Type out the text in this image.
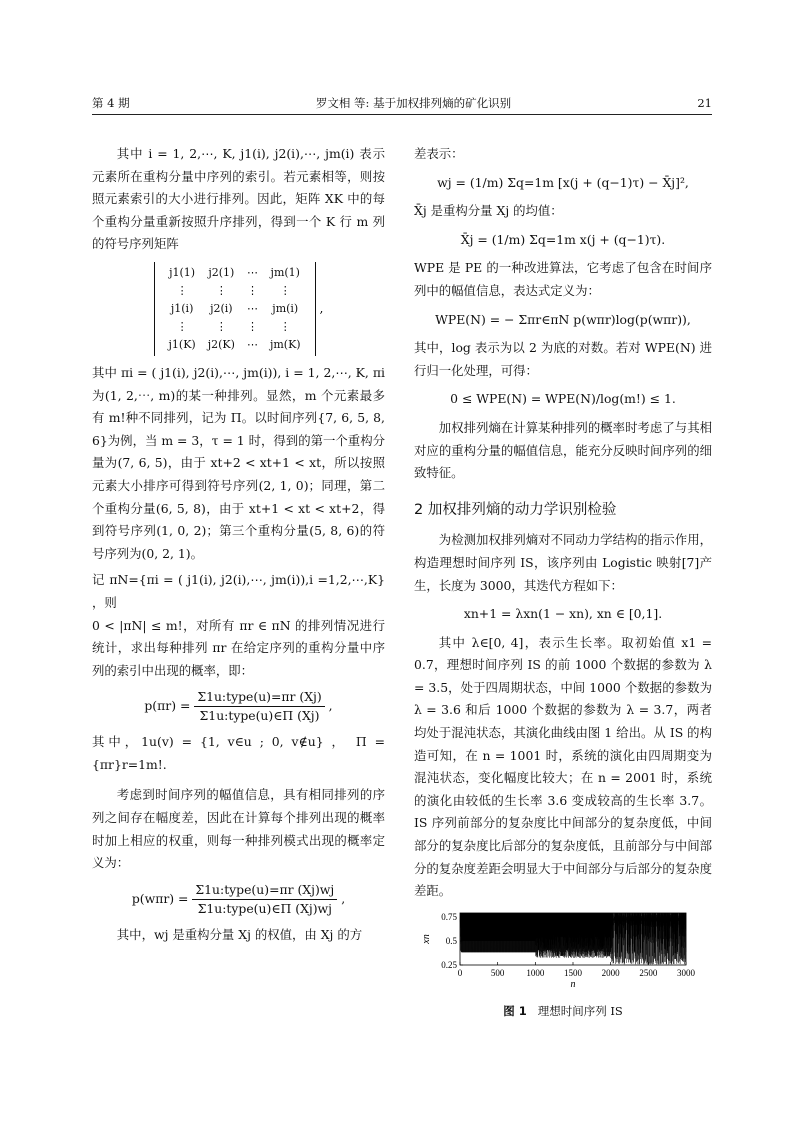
第 4 期	罗文相 等: 基于加权排列熵的矿化识别	21

其中 i = 1, 2,⋯, K, j1(i), j2(i),⋯, jm(i) 表示元素所在重构分量中序列的索引。若元素相等，则按照元素索引的大小进行排列。因此，矩阵 XK 中的每个重构分量重新按照升序排列，得到一个 K 行 m 列的符号序列矩阵

j1(1)	j2(1)	⋯	jm(1)
⋮	⋮	⋮	⋮
j1(i)	j2(i)	⋯	jm(i)
⋮	⋮	⋮	⋮
j1(K)	j2(K)	⋯	jm(K)
,

其中 πi = ( j1(i), j2(i),⋯, jm(i)), i = 1, 2,⋯, K, πi 为(1, 2,⋯, m)的某一种排列。显然，m 个元素最多有 m!种不同排列，记为 Π。以时间序列{7, 6, 5, 8, 6}为例，当 m = 3，τ = 1 时，得到的第一个重构分量为(7, 6, 5)，由于 xt+2 < xt+1 < xt，所以按照元素大小排序可得到符号序列(2, 1, 0)；同理，第二个重构分量(6, 5, 8)，由于 xt+1 < xt < xt+2，得到符号序列(1, 0, 2)；第三个重构分量(5, 8, 6)的符号序列为(0, 2, 1)。

记 πN={πi = ( j1(i), j2(i),⋯, jm(i)),i =1,2,⋯,K} ，则

0 < |πN| ≤ m!，对所有 πr ∈ πN 的排列情况进行统计，求出每种排列 πr 在给定序列的重构分量中序列的索引中出现的概率，即：

$p(\pi r) = \frac{\text{Σ1u:type(u)=πr (Xj)}}{\text{Σ1u:type(u)∈Π (Xj)}}$ ,

其中，1u(v) = {1, v∈u ; 0, v∉u} ， Π = {πr}r=1m!.

考虑到时间序列的幅值信息，具有相同排列的序列之间存在幅度差，因此在计算每个排列出现的概率时加上相应的权重，则每一种排列模式出现的概率定义为：

$p(w\pi r) = \frac{\text{Σ1u:type(u)=πr (Xj)wj}}{\text{Σ1u:type(u)∈Π (Xj)wj}}$ ,

其中，wj 是重构分量 Xj 的权值，由 Xj 的方

差表示：

wj = (1/m) Σq=1m [x(j + (q−1)τ) − X̄j]²,

X̄j 是重构分量 Xj 的均值：

X̄j = (1/m) Σq=1m x(j + (q−1)τ).

WPE 是 PE 的一种改进算法，它考虑了包含在时间序列中的幅值信息，表达式定义为：

WPE(N) = − Σπr∈πN p(wπr)log(p(wπr)),

其中，log 表示为以 2 为底的对数。若对 WPE(N) 进行归一化处理，可得：

0 ≤ WPE(N) = WPE(N)/log(m!) ≤ 1.

加权排列熵在计算某种排列的概率时考虑了与其相对应的重构分量的幅值信息，能充分反映时间序列的细致特征。

2 加权排列熵的动力学识别检验

为检测加权排列熵对不同动力学结构的指示作用，构造理想时间序列 IS，该序列由 Logistic 映射[7]产生，长度为 3000，其迭代方程如下：

xn+1 = λxn(1 − xn), xn ∈ [0,1].

其中 λ∈[0, 4]，表示生长率。取初始值 x1 = 0.7，理想时间序列 IS 的前 1000 个数据的参数为 λ = 3.5，处于四周期状态，中间 1000 个数据的参数为 λ = 3.6 和后 1000 个数据的参数为 λ = 3.7，两者均处于混沌状态，其演化曲线由图 1 给出。从 IS 的构造可知，在 n = 1001 时，系统的演化由四周期变为混沌状态，变化幅度比较大；在 n = 2001 时，系统的演化由较低的生长率 3.6 变成较高的生长率 3.7。IS 序列前部分的复杂度比中间部分的复杂度低，中间部分的复杂度比后部分的复杂度低，且前部分与中间部分的复杂度差距会明显大于中间部分与后部分的复杂度差距。

0	500 1000 1500 2000 2500 3000
0.25
0.5
0.75
n
xn
图 1 理想时间序列 IS
